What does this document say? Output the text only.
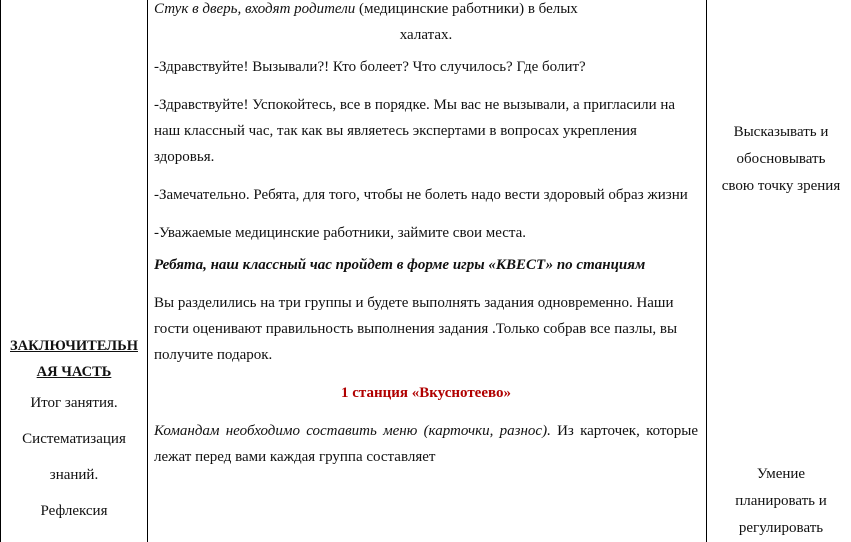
ЗАКЛЮЧИТЕЛЬН
АЯ ЧАСТЬ
Итог занятия.
Систематизация
знаний.
Рефлексия

Стук в дверь, входят родители (медицинские работники) в белых

халатах.

-Здравствуйте! Вызывали?! Кто болеет? Что случилось? Где болит?

-Здравствуйте! Успокойтесь, все в порядке. Мы вас не вызывали, а пригласили на наш классный час, так как вы являетесь экспертами в вопросах укрепления здоровья.

-Замечательно. Ребята, для того, чтобы не болеть надо вести здоровый образ жизни

-Уважаемые медицинские работники, займите свои места.

Ребята, наш классный час пройдет в форме игры «КВЕСТ» по станциям

Вы разделились на три группы и будете выполнять задания одновременно. Наши гости оценивают правильность выполнения задания .Только собрав все пазлы, вы получите подарок.

1 станция «Вкуснотеево»

Командам необходимо составить меню (карточки, разнос). Из карточек, которые лежат перед вами каждая группа составляет

Высказывать и
обосновывать
свою точку зрения
Умение
планировать и
регулировать
